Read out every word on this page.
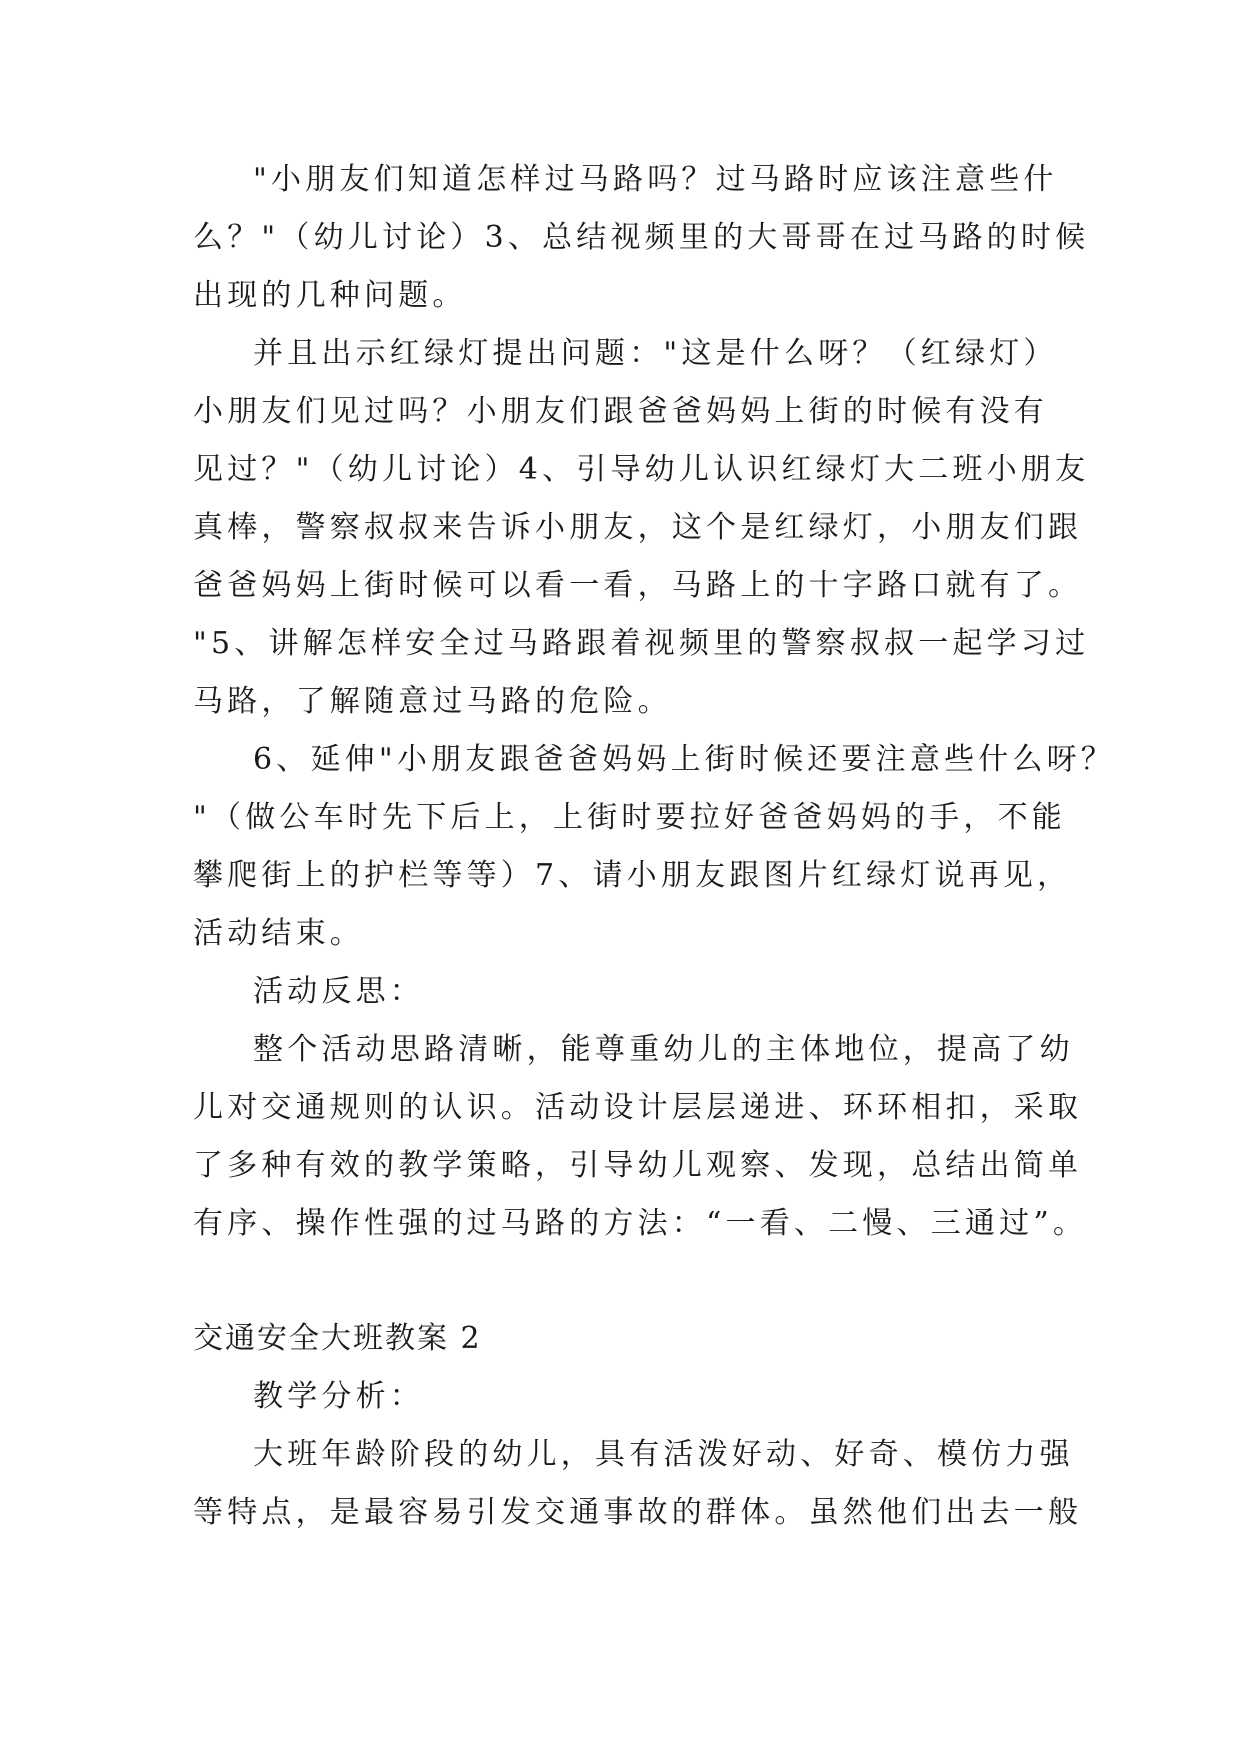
"小朋友们知道怎样过马路吗？过马路时应该注意些什
么？"（幼儿讨论）3、总结视频里的大哥哥在过马路的时候
出现的几种问题。
并且出示红绿灯提出问题："这是什么呀？（红绿灯）
小朋友们见过吗？小朋友们跟爸爸妈妈上街的时候有没有
见过？"（幼儿讨论）4、引导幼儿认识红绿灯大二班小朋友
真棒，警察叔叔来告诉小朋友，这个是红绿灯，小朋友们跟
爸爸妈妈上街时候可以看一看，马路上的十字路口就有了。
"5、讲解怎样安全过马路跟着视频里的警察叔叔一起学习过
马路，了解随意过马路的危险。
6、延伸"小朋友跟爸爸妈妈上街时候还要注意些什么呀？
"（做公车时先下后上，上街时要拉好爸爸妈妈的手，不能
攀爬街上的护栏等等）7、请小朋友跟图片红绿灯说再见，
活动结束。
活动反思：
整个活动思路清晰，能尊重幼儿的主体地位，提高了幼
儿对交通规则的认识。活动设计层层递进、环环相扣，采取
了多种有效的教学策略，引导幼儿观察、发现，总结出简单
有序、操作性强的过马路的方法：“一看、二慢、三通过”。
交通安全大班教案 2
教学分析：
大班年龄阶段的幼儿，具有活泼好动、好奇、模仿力强
等特点，是最容易引发交通事故的群体。虽然他们出去一般
